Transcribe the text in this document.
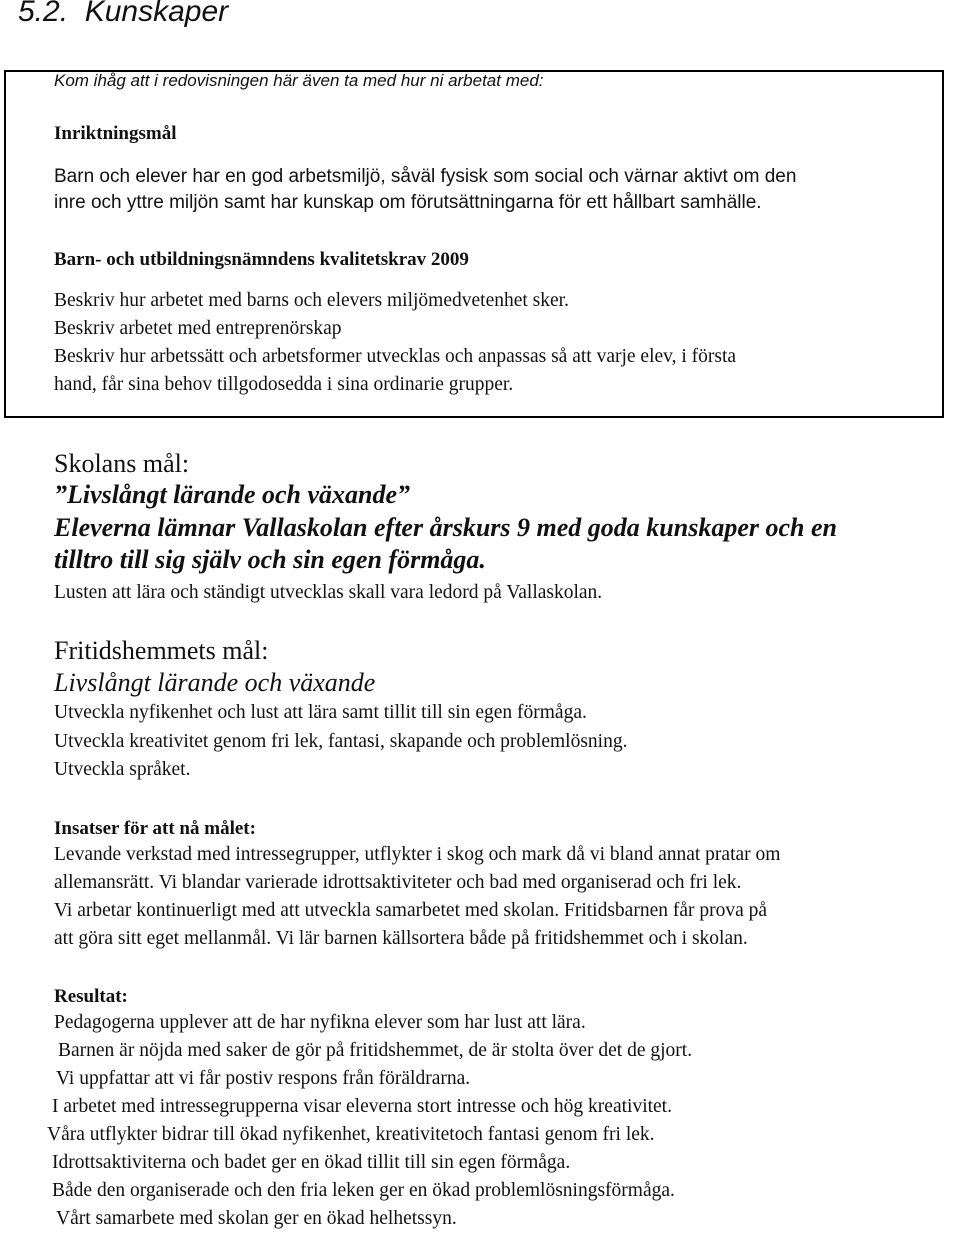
5.2. Kunskaper
Kom ihåg att i redovisningen här även ta med hur ni arbetat med:
Inriktningsmål
Barn och elever har en god arbetsmiljö, såväl fysisk som social och värnar aktivt om den
inre och yttre miljön samt har kunskap om förutsättningarna för ett hållbart samhälle.
Barn- och utbildningsnämndens kvalitetskrav 2009
Beskriv hur arbetet med barns och elevers miljömedvetenhet sker.
Beskriv arbetet med entreprenörskap
Beskriv hur arbetssätt och arbetsformer utvecklas och anpassas så att varje elev, i första
hand, får sina behov tillgodosedda i sina ordinarie grupper.
Skolans mål:
”Livslångt lärande och växande”
Eleverna lämnar Vallaskolan efter årskurs 9 med goda kunskaper och en
tilltro till sig själv och sin egen förmåga.
Lusten att lära och ständigt utvecklas skall vara ledord på Vallaskolan.
Fritidshemmets mål:
Livslångt lärande och växande
Utveckla nyfikenhet och lust att lära samt tillit till sin egen förmåga.
Utveckla kreativitet genom fri lek, fantasi, skapande och problemlösning.
Utveckla språket.
Insatser för att nå målet:
Levande verkstad med intressegrupper, utflykter i skog och mark då vi bland annat pratar om
allemansrätt. Vi blandar varierade idrottsaktiviteter och bad med organiserad och fri lek.
Vi arbetar kontinuerligt med att utveckla samarbetet med skolan. Fritidsbarnen får prova på
att göra sitt eget mellanmål. Vi lär barnen källsortera både på fritidshemmet och i skolan.
Resultat:
Pedagogerna upplever att de har nyfikna elever som har lust att lära.
Barnen är nöjda med saker de gör på fritidshemmet, de är stolta över det de gjort.
Vi uppfattar att vi får postiv respons från föräldrarna.
I arbetet med intressegrupperna visar eleverna stort intresse och hög kreativitet.
Våra utflykter bidrar till ökad nyfikenhet, kreativitetoch fantasi genom fri lek.
Idrottsaktiviterna och badet ger en ökad tillit till sin egen förmåga.
Både den organiserade och den fria leken ger en ökad problemlösningsförmåga.
Vårt samarbete med skolan ger en ökad helhetssyn.
